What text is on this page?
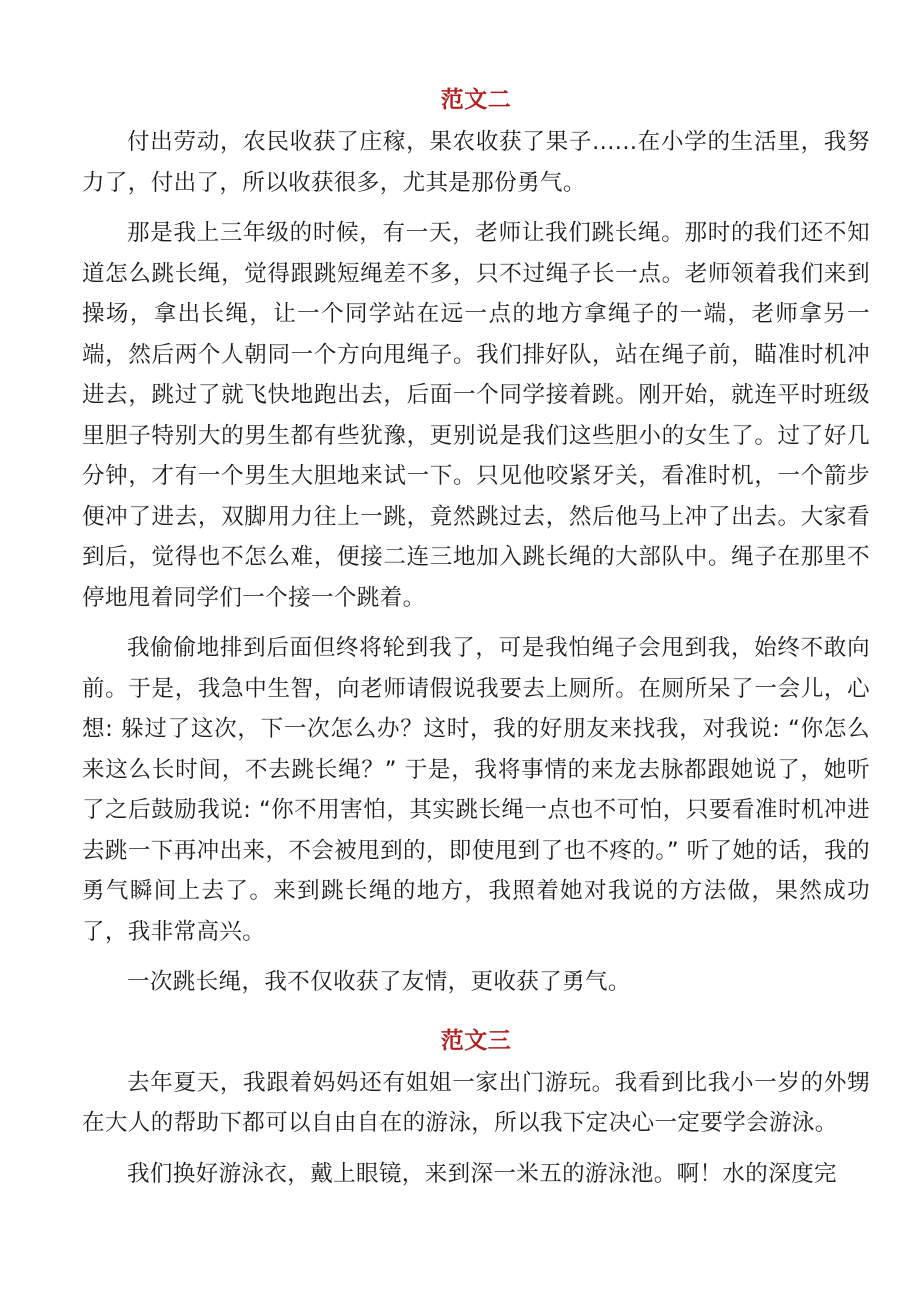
范文二

付出劳动，农民收获了庄稼，果农收获了果子......在小学的生活里，我努力了，付出了，所以收获很多，尤其是那份勇气。

那是我上三年级的时候，有一天，老师让我们跳长绳。那时的我们还不知道怎么跳长绳，觉得跟跳短绳差不多，只不过绳子长一点。老师领着我们来到操场，拿出长绳，让一个同学站在远一点的地方拿绳子的一端，老师拿另一端，然后两个人朝同一个方向甩绳子。我们排好队，站在绳子前，瞄准时机冲进去，跳过了就飞快地跑出去，后面一个同学接着跳。刚开始，就连平时班级里胆子特别大的男生都有些犹豫，更别说是我们这些胆小的女生了。过了好几分钟，才有一个男生大胆地来试一下。只见他咬紧牙关，看准时机，一个箭步便冲了进去，双脚用力往上一跳，竟然跳过去，然后他马上冲了出去。大家看到后，觉得也不怎么难，便接二连三地加入跳长绳的大部队中。绳子在那里不停地甩着同学们一个接一个跳着。

我偷偷地排到后面但终将轮到我了，可是我怕绳子会甩到我，始终不敢向前。于是，我急中生智，向老师请假说我要去上厕所。在厕所呆了一会儿，心想: 躲过了这次，下一次怎么办？这时，我的好朋友来找我，对我说: “你怎么来这么长时间，不去跳长绳？” 于是，我将事情的来龙去脉都跟她说了，她听了之后鼓励我说: “你不用害怕，其实跳长绳一点也不可怕，只要看准时机冲进去跳一下再冲出来，不会被甩到的，即使甩到了也不疼的。” 听了她的话，我的勇气瞬间上去了。来到跳长绳的地方，我照着她对我说的方法做，果然成功了，我非常高兴。

一次跳长绳，我不仅收获了友情，更收获了勇气。

范文三

去年夏天，我跟着妈妈还有姐姐一家出门游玩。我看到比我小一岁的外甥在大人的帮助下都可以自由自在的游泳，所以我下定决心一定要学会游泳。

我们换好游泳衣，戴上眼镜，来到深一米五的游泳池。啊！水的深度完
